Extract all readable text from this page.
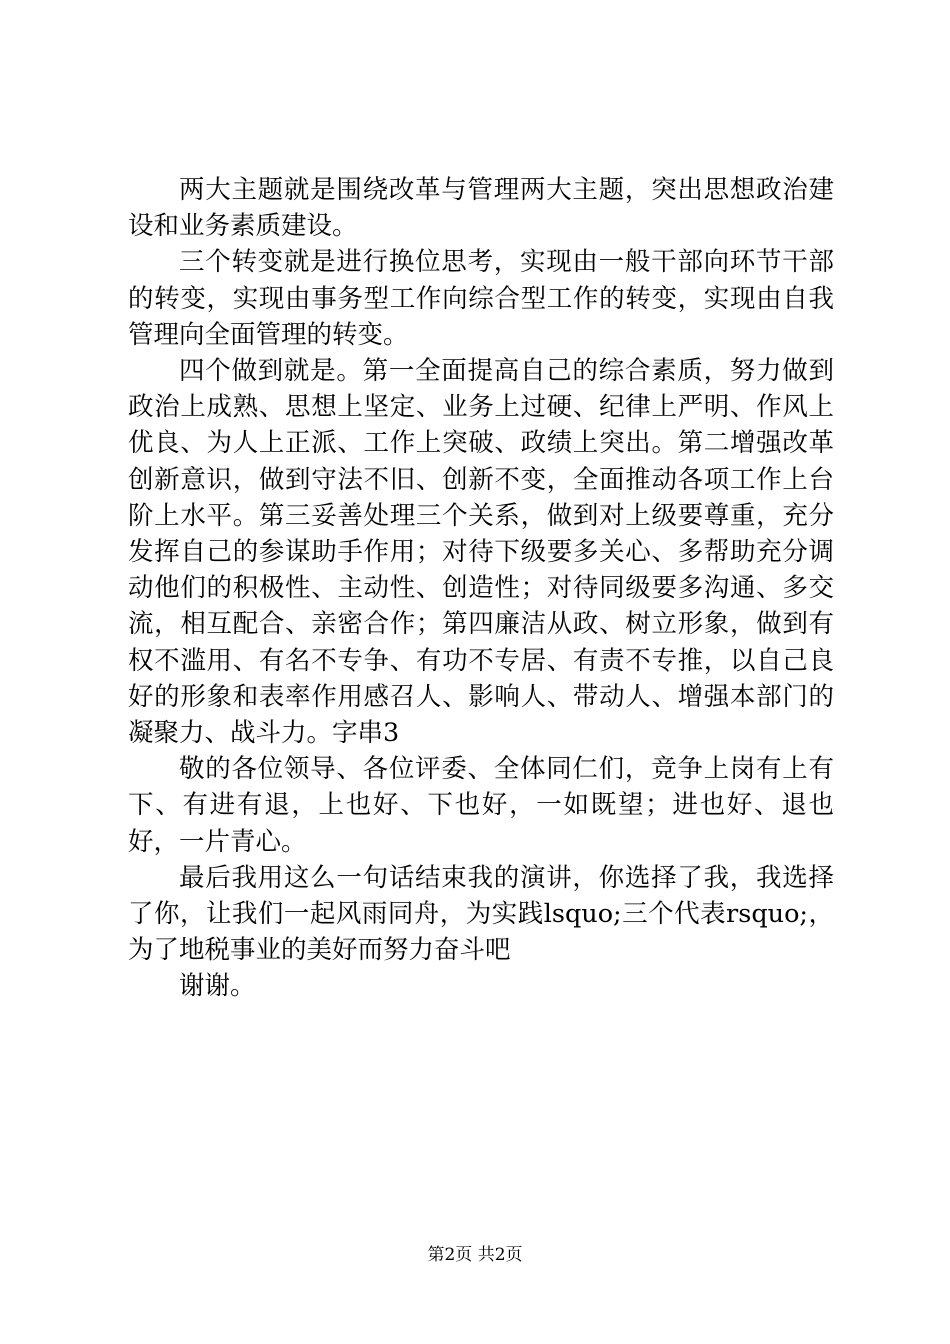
两大主题就是围绕改革与管理两大主题，突出思想政治建设和业务素质建设。

三个转变就是进行换位思考，实现由一般干部向环节干部的转变，实现由事务型工作向综合型工作的转变，实现由自我管理向全面管理的转变。

四个做到就是。第一全面提高自己的综合素质，努力做到政治上成熟、思想上坚定、业务上过硬、纪律上严明、作风上优良、为人上正派、工作上突破、政绩上突出。第二增强改革创新意识，做到守法不旧、创新不变，全面推动各项工作上台阶上水平。第三妥善处理三个关系，做到对上级要尊重，充分发挥自己的参谋助手作用；对待下级要多关心、多帮助充分调动他们的积极性、主动性、创造性；对待同级要多沟通、多交流，相互配合、亲密合作；第四廉洁从政、树立形象，做到有权不滥用、有名不专争、有功不专居、有责不专推，以自己良好的形象和表率作用感召人、影响人、带动人、增强本部门的凝聚力、战斗力。字串3

敬的各位领导、各位评委、全体同仁们，竞争上岗有上有下、有进有退，上也好、下也好，一如既望；进也好、退也好，一片青心。

最后我用这么一句话结束我的演讲，你选择了我，我选择了你，让我们一起风雨同舟，为实践lsquo;三个代表rsquo;，为了地税事业的美好而努力奋斗吧

谢谢。

第2页 共2页
